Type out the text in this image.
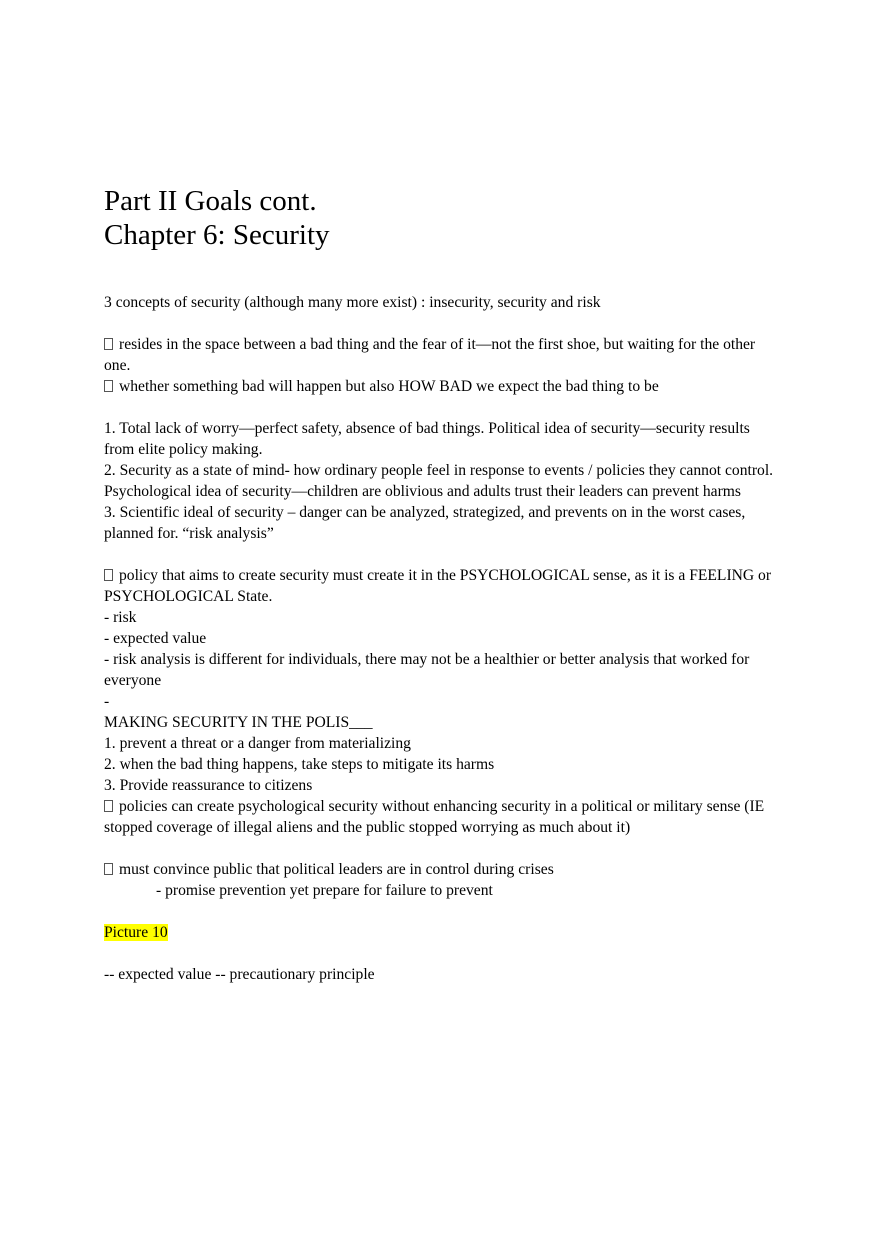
Part II Goals cont.
Chapter 6: Security

3 concepts of security (although many more exist) : insecurity, security and risk

resides in the space between a bad thing and the fear of it—not the first shoe, but waiting for the other one.

whether something bad will happen but also HOW BAD we expect the bad thing to be

1. Total lack of worry—perfect safety, absence of bad things. Political idea of security—security results from elite policy making.

2. Security as a state of mind- how ordinary people feel in response to events / policies they cannot control. Psychological idea of security—children are oblivious and adults trust their leaders can prevent harms

3. Scientific ideal of security – danger can be analyzed, strategized, and prevents on in the worst cases, planned for. “risk analysis”

policy that aims to create security must create it in the PSYCHOLOGICAL sense, as it is a FEELING or PSYCHOLOGICAL State.

- risk

- expected value

- risk analysis is different for individuals, there may not be a healthier or better analysis that worked for everyone

-

MAKING SECURITY IN THE POLIS___

1. prevent a threat or a danger from materializing

2. when the bad thing happens, take steps to mitigate its harms

3. Provide reassurance to citizens

policies can create psychological security without enhancing security in a political or military sense (IE stopped coverage of illegal aliens and the public stopped worrying as much about it)

must convince public that political leaders are in control during crises

- promise prevention yet prepare for failure to prevent

Picture 10

-- expected value -- precautionary principle
